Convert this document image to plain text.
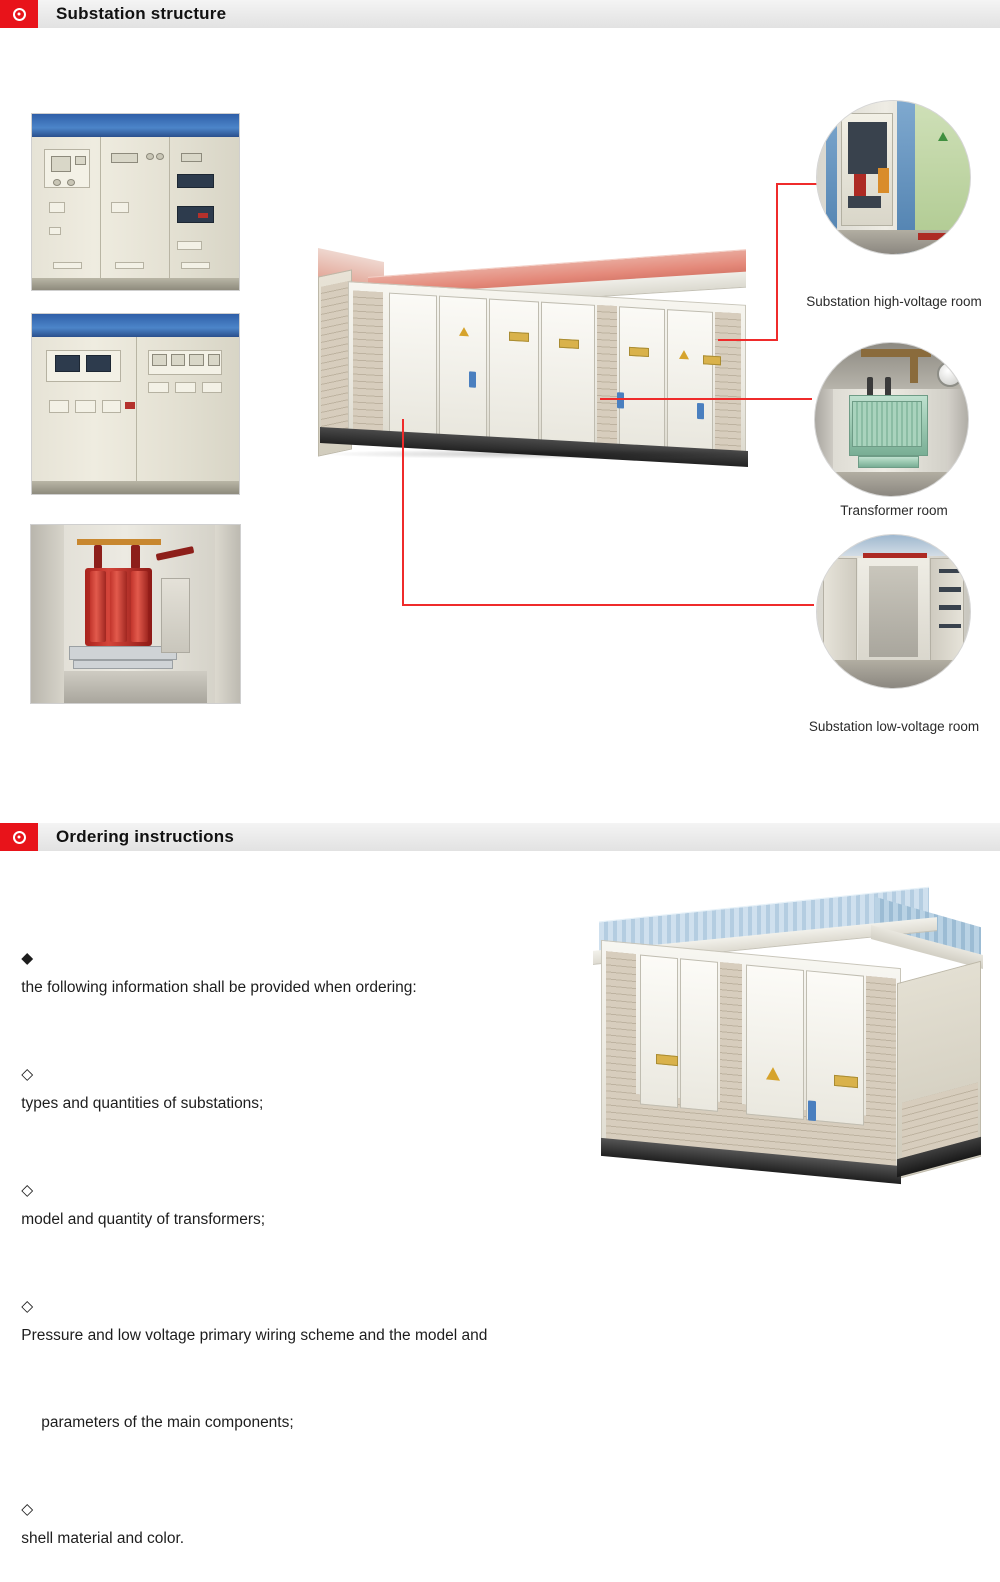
Substation structure
Substation high-voltage room
Transformer room
Substation low-voltage room
Ordering instructions

◆
the following information shall be provided when ordering:

◇
types and quantities of substations;

◇
model and quantity of transformers;

◇
Pressure and low voltage primary wiring scheme and the model and

parameters of the main components;

◇
shell material and color.
